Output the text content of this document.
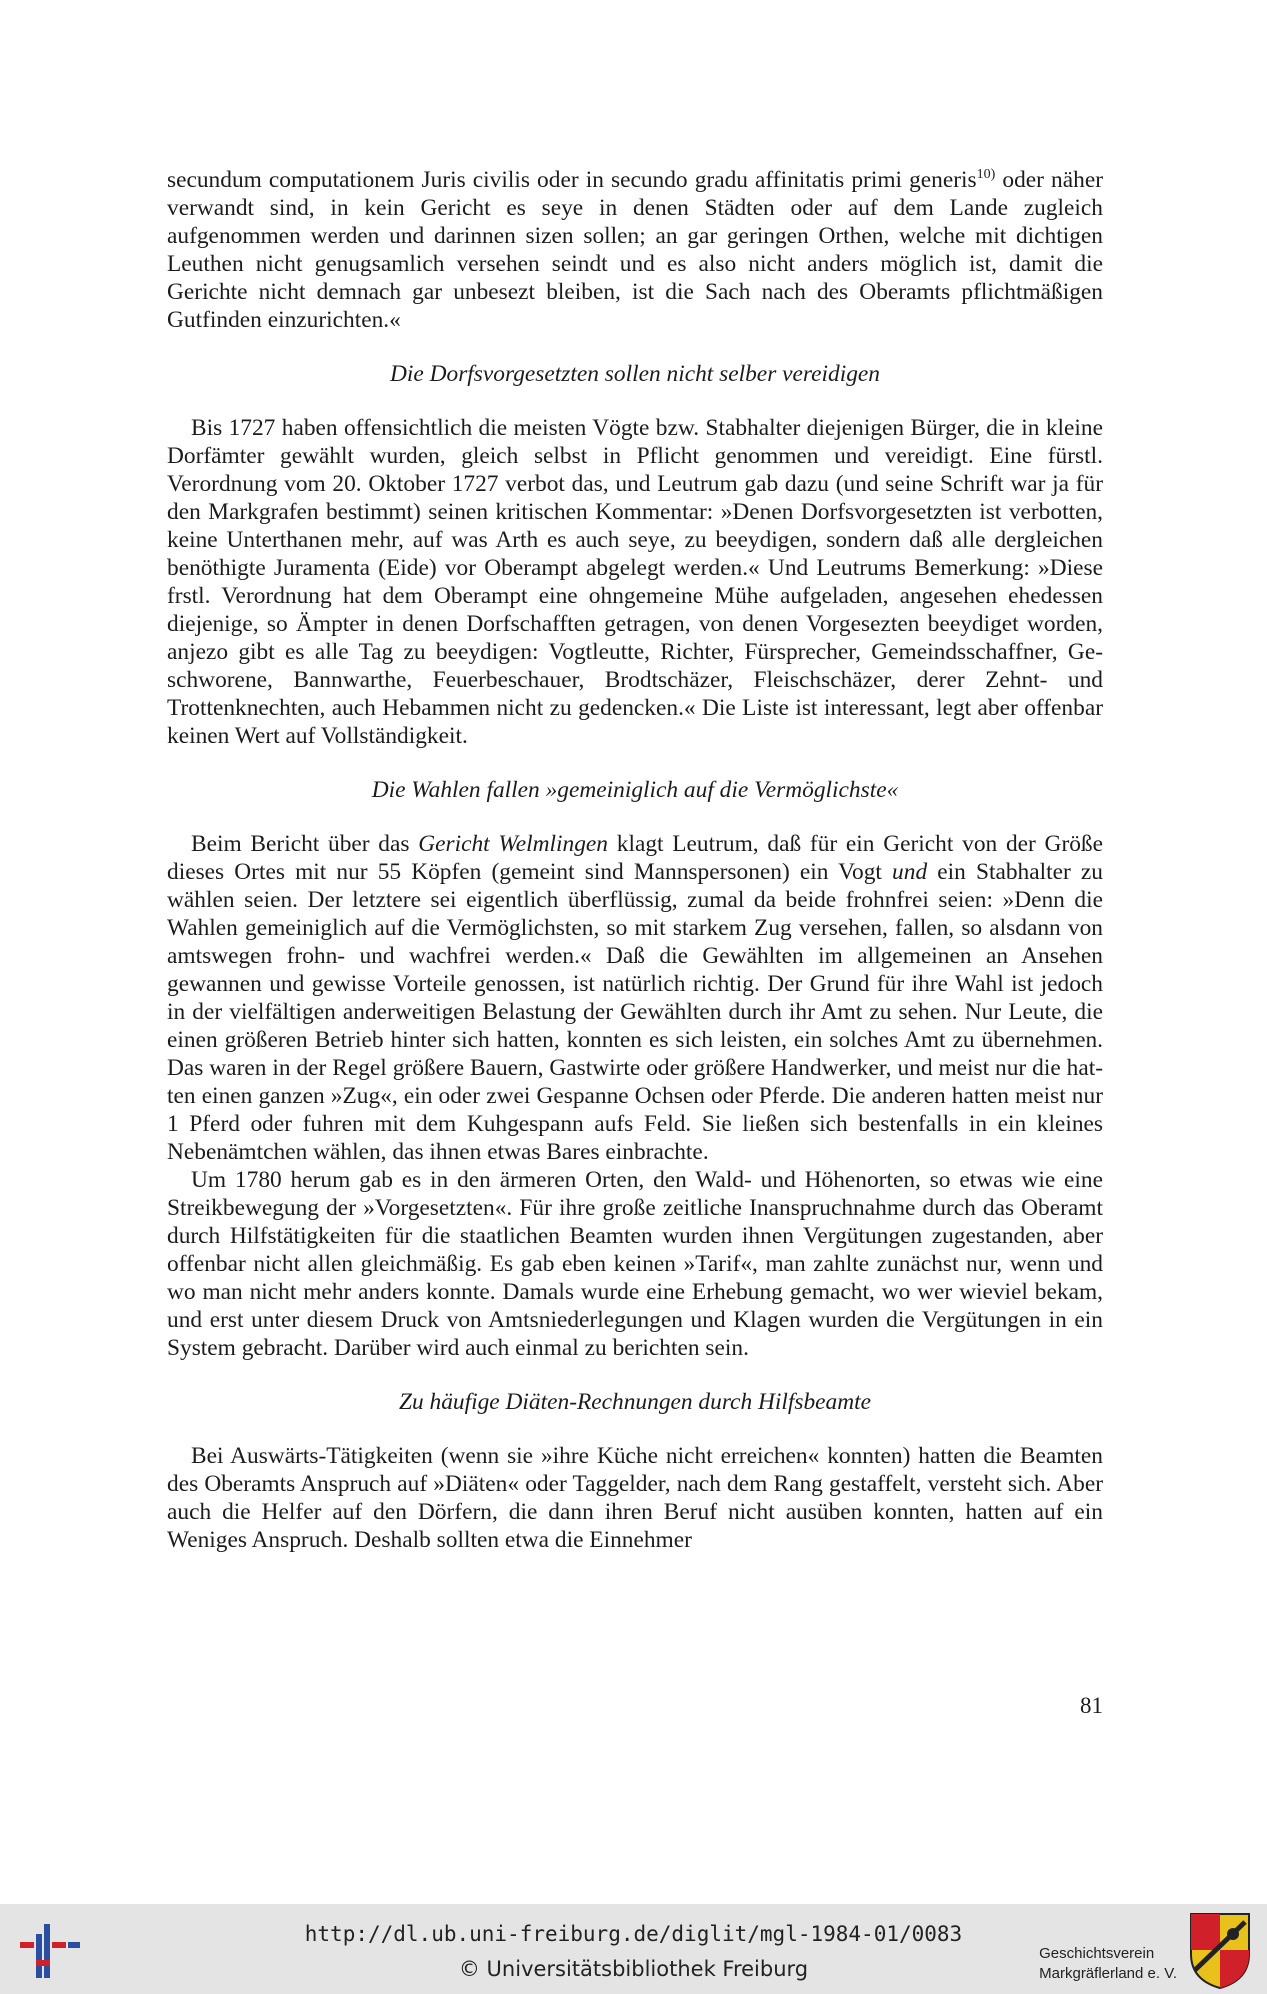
secundum computationem Juris civilis oder in secundo gradu affinitatis primi generis$^{10)}$ oder näher verwandt sind, in kein Gericht es seye in denen Städten oder auf dem Lande zugleich aufgenommen werden und darinnen sizen sollen; an gar geringen Orthen, welche mit dichtigen Leuthen nicht genugsamlich versehen seindt und es also nicht anders möglich ist, damit die Gerichte nicht demnach gar unbesezt bleiben, ist die Sach nach des Oberamts pflichtmäßigen Gutfinden einzurichten.«

Die Dorfsvorgesetzten sollen nicht selber vereidigen

Bis 1727 haben offensichtlich die meisten Vögte bzw. Stabhalter diejenigen Bürger, die in kleine Dorfämter gewählt wurden, gleich selbst in Pflicht genommen und vereidigt. Eine fürstl. Verordnung vom 20. Oktober 1727 verbot das, und Leutrum gab dazu (und seine Schrift war ja für den Markgrafen bestimmt) seinen kritischen Kommentar: »Denen Dorfsvorgesetzten ist verbotten, keine Unterthanen mehr, auf was Arth es auch seye, zu beeydigen, sondern daß alle dergleichen benöthigte Juramenta (Eide) vor Oberampt abgelegt werden.« Und Leutrums Bemerkung: »Diese frstl. Verordnung hat dem Oberampt eine ohngemeine Mühe aufgeladen, angesehen ehedessen diejenige, so Ämpter in denen Dorfschafften getragen, von denen Vorgesezten beeydiget worden, anjezo gibt es alle Tag zu beeydigen: Vogtleutte, Richter, Fürsprecher, Gemeindsschaffner, Geschworene, Bannwarthe, Feuerbeschauer, Brodtschäzer, Fleischschäzer, derer Zehnt- und Trottenknechten, auch Hebammen nicht zu gedencken.« Die Liste ist interessant, legt aber offenbar keinen Wert auf Vollständigkeit.

Die Wahlen fallen »gemeiniglich auf die Vermöglichste«

Beim Bericht über das Gericht Welmlingen klagt Leutrum, daß für ein Gericht von der Größe dieses Ortes mit nur 55 Köpfen (gemeint sind Mannspersonen) ein Vogt und ein Stabhalter zu wählen seien. Der letztere sei eigentlich überflüssig, zumal da beide frohnfrei seien: »Denn die Wahlen gemeiniglich auf die Vermöglichsten, so mit starkem Zug versehen, fallen, so alsdann von amtswegen frohn- und wachfrei werden.« Daß die Gewählten im allgemeinen an Ansehen gewannen und gewisse Vorteile genossen, ist natürlich richtig. Der Grund für ihre Wahl ist jedoch in der vielfältigen anderweitigen Belastung der Gewählten durch ihr Amt zu sehen. Nur Leute, die einen größeren Betrieb hinter sich hatten, konnten es sich leisten, ein solches Amt zu übernehmen. Das waren in der Regel größere Bauern, Gastwirte oder größere Handwerker, und meist nur die hatten einen ganzen »Zug«, ein oder zwei Gespanne Ochsen oder Pferde. Die anderen hatten meist nur 1 Pferd oder fuhren mit dem Kuhgespann aufs Feld. Sie ließen sich bestenfalls in ein kleines Nebenämtchen wählen, das ihnen etwas Bares einbrachte.

Um 1780 herum gab es in den ärmeren Orten, den Wald- und Höhenorten, so etwas wie eine Streikbewegung der »Vorgesetzten«. Für ihre große zeitliche Inanspruchnahme durch das Oberamt durch Hilfstätigkeiten für die staatlichen Beamten wurden ihnen Vergütungen zugestanden, aber offenbar nicht allen gleichmäßig. Es gab eben keinen »Tarif«, man zahlte zunächst nur, wenn und wo man nicht mehr anders konnte. Damals wurde eine Erhebung gemacht, wo wer wieviel bekam, und erst unter diesem Druck von Amtsniederlegungen und Klagen wurden die Vergütungen in ein System gebracht. Darüber wird auch einmal zu berichten sein.

Zu häufige Diäten-Rechnungen durch Hilfsbeamte

Bei Auswärts-Tätigkeiten (wenn sie »ihre Küche nicht erreichen« konnten) hatten die Beamten des Oberamts Anspruch auf »Diäten« oder Taggelder, nach dem Rang gestaffelt, versteht sich. Aber auch die Helfer auf den Dörfern, die dann ihren Beruf nicht ausüben konnten, hatten auf ein Weniges Anspruch. Deshalb sollten etwa die Einnehmer

81
http://dl.ub.uni-freiburg.de/diglit/mgl-1984-01/0083
© Universitätsbibliothek Freiburg
Geschichtsverein
Markgräflerland e. V.
